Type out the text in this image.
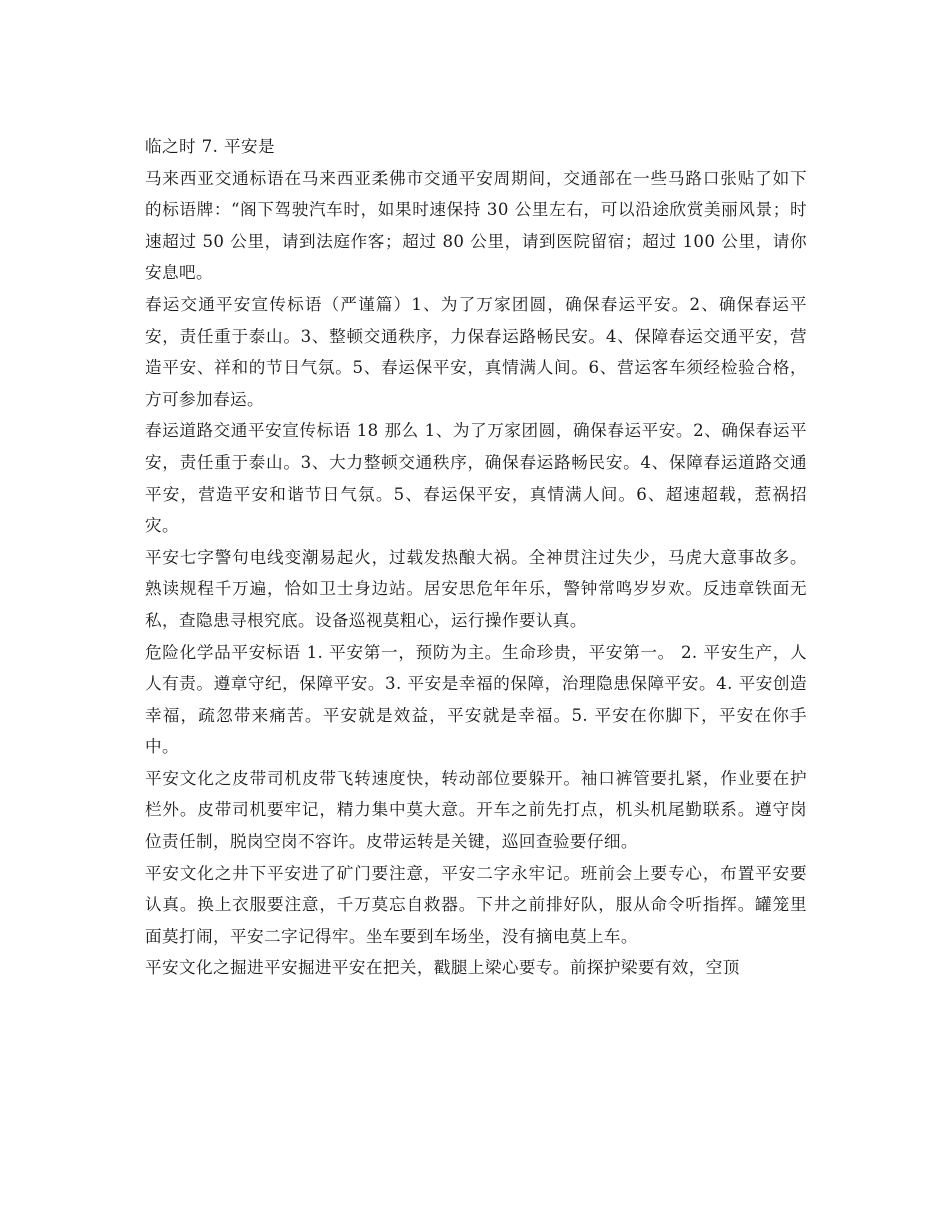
临之时 7. 平安是

马来西亚交通标语在马来西亚柔佛市交通平安周期间，交通部在一些马路口张贴了如下的标语牌：“阁下驾驶汽车时，如果时速保持 30 公里左右，可以沿途欣赏美丽风景；时速超过 50 公里，请到法庭作客；超过 80 公里，请到医院留宿；超过 100 公里，请你安息吧。

春运交通平安宣传标语（严谨篇）1、为了万家团圆，确保春运平安。2、确保春运平安，责任重于泰山。3、整顿交通秩序，力保春运路畅民安。4、保障春运交通平安，营造平安、祥和的节日气氛。5、春运保平安，真情满人间。6、营运客车须经检验合格，方可参加春运。

春运道路交通平安宣传标语 18 那么 1、为了万家团圆，确保春运平安。2、确保春运平安，责任重于泰山。3、大力整顿交通秩序，确保春运路畅民安。4、保障春运道路交通平安，营造平安和谐节日气氛。5、春运保平安，真情满人间。6、超速超载，惹祸招灾。

平安七字警句电线变潮易起火，过载发热酿大祸。全神贯注过失少，马虎大意事故多。熟读规程千万遍，恰如卫士身边站。居安思危年年乐，警钟常鸣岁岁欢。反违章铁面无私，查隐患寻根究底。设备巡视莫粗心，运行操作要认真。

危险化学品平安标语 1. 平安第一，预防为主。生命珍贵，平安第一。 2. 平安生产，人人有责。遵章守纪，保障平安。3. 平安是幸福的保障，治理隐患保障平安。4. 平安创造幸福，疏忽带来痛苦。平安就是效益，平安就是幸福。5. 平安在你脚下，平安在你手中。

平安文化之皮带司机皮带飞转速度快，转动部位要躲开。袖口裤管要扎紧，作业要在护栏外。皮带司机要牢记，精力集中莫大意。开车之前先打点，机头机尾勤联系。遵守岗位责任制，脱岗空岗不容许。皮带运转是关键，巡回查验要仔细。

平安文化之井下平安进了矿门要注意，平安二字永牢记。班前会上要专心，布置平安要认真。换上衣服要注意，千万莫忘自救器。下井之前排好队，服从命令听指挥。罐笼里面莫打闹，平安二字记得牢。坐车要到车场坐，没有摘电莫上车。

平安文化之掘进平安掘进平安在把关，戳腿上梁心要专。前探护梁要有效，空顶
